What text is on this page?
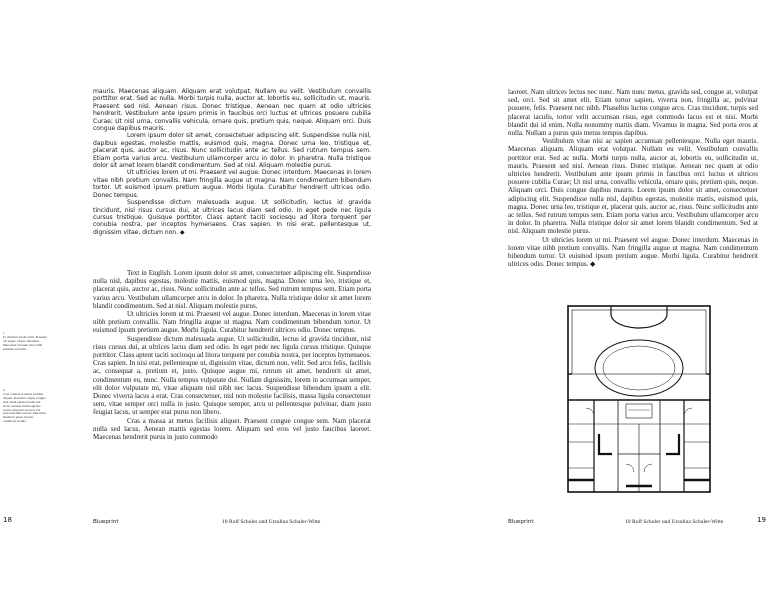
mauris. Maecenas aliquam. Aliquam erat volutpat. Nullam eu velit. Vestibulum convallis porttitor erat. Sed ac nulla. Morbi turpis nulla, auctor at, lobortis eu, sollicitudin ut, mauris. Praesent sed nisl. Aenean risus. Donec tristique. Aenean nec quam at odio ultricies hendrerit. Vestibulum ante ipsum primis in faucibus orci luctus et ultrices posuere cubilia Curae; Ut nisl urna, convallis vehicula, ornare quis, pretium quis, neque. Aliquam orci. Duis congue dapibus mauris.

Lorem ipsum dolor sit amet, consectetuer adipiscing elit. Suspendisse nulla nisl, dapibus egestas, molestie mattis, euismod quis, magna. Donec urna leo, tristique et, placerat quis, auctor ac, risus. Nunc sollicitudin ante ac tellus. Sed rutrum tempus sem. Etiam porta varius arcu. Vestibulum ullamcorper arcu in dolor. In pharetra. Nulla tristique dolor sit amet lorem blandit condimentum. Sed at nisl. Aliquam molestie purus.

Ut ultricies lorem ut mi. Praesent vel augue. Donec interdum. Maecenas in lorem vitae nibh pretium convallis. Nam fringilla augue ut magna. Nam condimentum bibendum tortor. Ut euismod ipsum pretium augue. Morbi ligula. Curabitur hendrerit ultrices odio. Donec tempus.

Suspendisse dictum malesuada augue. Ut sollicitudin, lectus id gravida tincidunt, nisl risus cursus dui, at ultrices lacus diam sed odio. In eget pede nec ligula cursus tristique. Quisque porttitor. Class aptent taciti sociosqu ad litora torquent per conubia nostra, per inceptos hymenaeos. Cras sapien. In nisi erat, pellentesque ut, dignissim vitae, dictum non. ◆

Text in English. Lorem ipsum dolor sit amet, consectetuer adipiscing elit. Suspendisse nulla nisl, dapibus egestas, molestie mattis, euismod quis, magna. Donec urna leo, tristique et, placerat quis, auctor ac, risus. Nunc sollicitudin ante ac tellus. Sed rutrum tempus sem. Etiam porta varius arcu. Vestibulum ullamcorper arcu in dolor. In pharetra. Nulla tristique dolor sit amet lorem blandit condimentum. Sed at nisl. Aliquam molestie purus.

Ut ultricies lorem ut mi. Praesent vel augue. Donec interdum. Maecenas in lorem vitae nibh pretium convallis. Nam fringilla augue ut magna. Nam condimentum bibendum tortor. Ut euismod ipsum pretium augue. Morbi ligula. Curabitur hendrerit ultrices odio. Donec tempus.

Suspendisse dictum malesuada augue. Ut sollicitudin, lectus id gravida tincidunt, nisl risus cursus dui, at ultrices lacus diam sed odio. In eget pede nec ligula cursus tristique. Quisque porttitor. Class aptent taciti sociosqu ad litora torquent per conubia nostra, per inceptos hymenaeos. Cras sapien. In nisi erat, pellentesque ut, dignissim vitae, dictum non, velit. Sed arcu felis, facilisis ac, consequat a, pretium et, justo. Quisque augue mi, rutrum sit amet, hendrerit sit amet, condimentum eu, nunc. Nulla tempus vulputate dui. Nullam dignissim, lorem in accumsan semper, elit dolor vulputate mi, vitae aliquam nisl nibh nec lacus. Suspendisse bibendum ipsum a elit. Donec viverra lacus a erat. Cras consectetuer, nisl non molestie facilisis, massa ligula consectetuer sem, vitae semper orci nulla in justo. Quisque semper, arcu ut pellentesque pulvinar, diam justo feugiat lacus, ut semper erat purus non libero.

Cras a massa at metus facilisis aliquet. Praesent congue congue sem. Nam placerat nulla sed lacus. Aenean mattis egestas lorem. Aliquam sed eros vel justo faucibus laoreet. Maecenas hendrerit purus in justo commodo

1
Ut ultricies lorem ut mi. Praesent vel augue. Donec interdum. Maecenas in lorem vitae nibh pretium convallis.
2
Cras a massa at metus facilisis aliquet. Praesent congue congue sem. Nam placerat nulla sed lacus. Aenean mattis egestas lorem. Aliquam sed eros vel justo faucibus laoreet. Maecenas hendrerit purus in justo commodo lacinia.
18	Blueprint	10 Rolf Schuler und Ursulina Schuler-Witte

laoreet. Nam ultrices lectus nec nunc. Nam nunc metus, gravida sed, congue at, volutpat sed, orci. Sed sit amet elit. Etiam tortor sapien, viverra non, fringilla ac, pulvinar posuere, felis. Praesent nec nibh. Phasellus luctus congue arcu. Cras tincidunt, turpis sed placerat iaculis, tortor velit accumsan risus, eget commodo lacus est et nisi. Morbi blandit dui id enim. Nulla nonummy mattis diam. Vivamus in magna. Sed porta eros at nulla. Nullam a purus quis metus tempus dapibus.

Vestibulum vitae nisi ac sapien accumsan pellentesque. Nulla eget mauris. Maecenas aliquam. Aliquam erat volutpat. Nullam eu velit. Vestibulum convallis porttitor erat. Sed ac nulla. Morbi turpis nulla, auctor at, lobortis eu, sollicitudin ut, mauris. Praesent sed nisl. Aenean risus. Donec tristique. Aenean nec quam at odio ultricies hendrerit. Vestibulum ante ipsum primis in faucibus orci luctus et ultrices posuere cubilia Curae; Ut nisl urna, convallis vehicula, ornare quis, pretium quis, neque. Aliquam orci. Duis congue dapibus mauris. Lorem ipsum dolor sit amet, consectetuer adipiscing elit. Suspendisse nulla nisl, dapibus egestas, molestie mattis, euismod quis, magna. Donec urna leo, tristique et, placerat quis, auctor ac, risus. Nunc sollicitudin ante ac tellus. Sed rutrum tempus sem. Etiam porta varius arcu. Vestibulum ullamcorper arcu in dolor. In pharetra. Nulla tristique dolor sit amet lorem blandit condimentum. Sed at nisl. Aliquam molestie purus.

Ut ultricies lorem ut mi. Praesent vel augue. Donec interdum. Maecenas in lorem vitae nibh pretium convallis. Nam fringilla augue ut magna. Nam condimentum bibendum tortor. Ut euismod ipsum pretium augue. Morbi ligula. Curabitur hendrerit ultrices odio. Donec tempus. ◆

Blueprint	10 Rolf Schuler und Ursulina Schuler-Witte	19
